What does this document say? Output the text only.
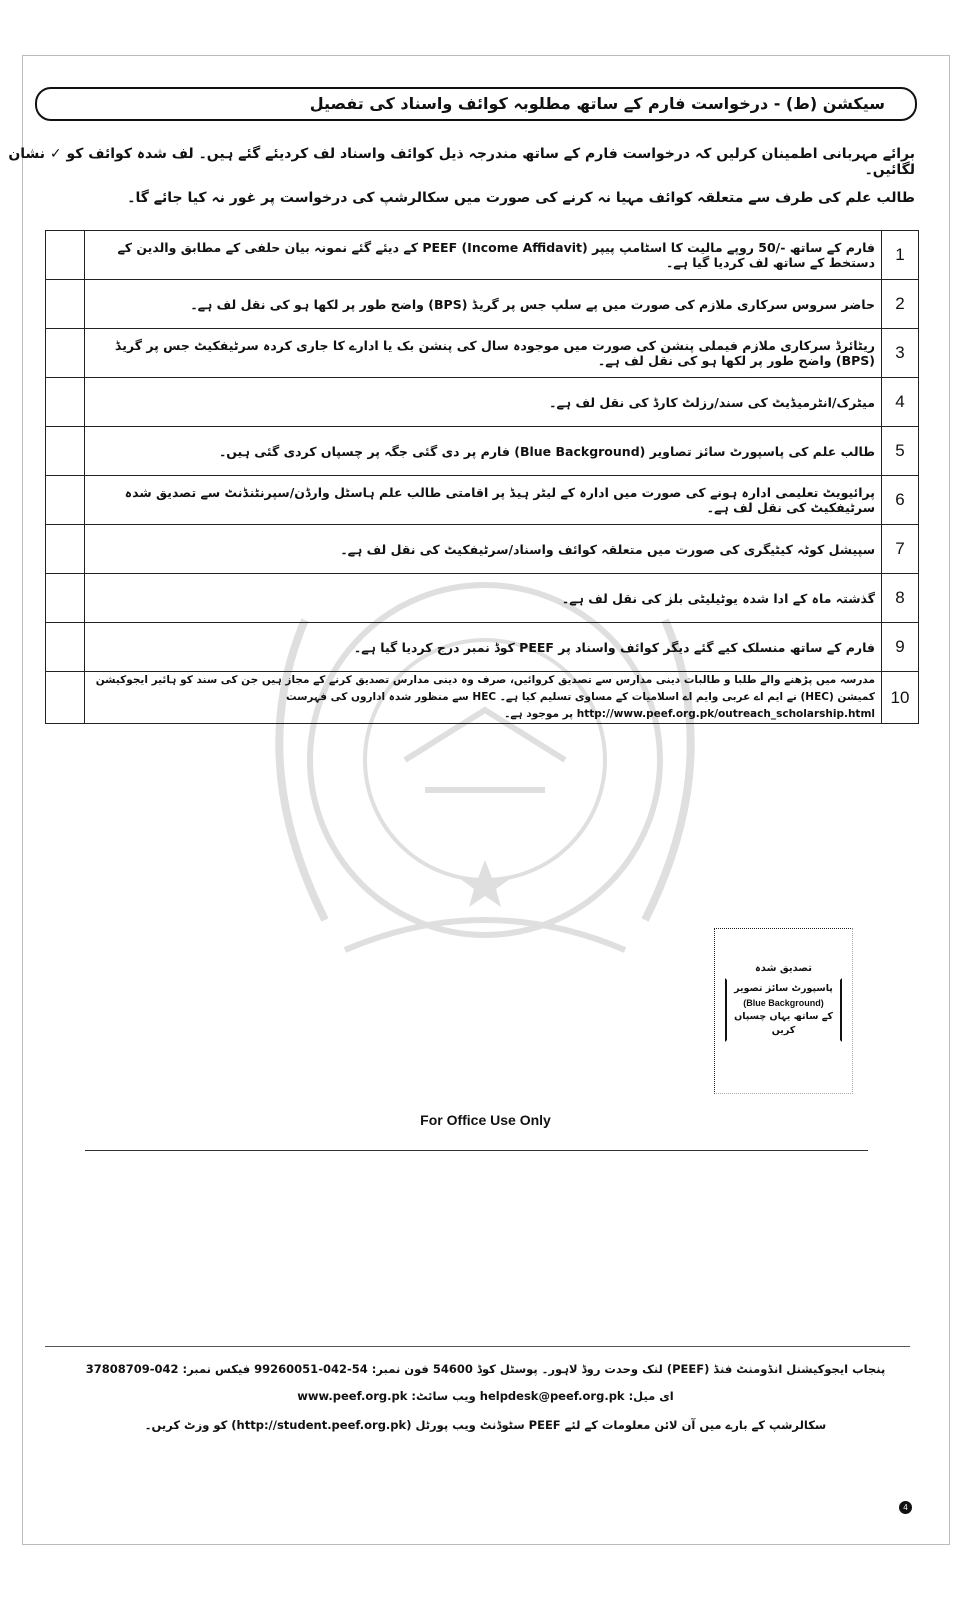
سیکشن (ط) - درخواست فارم کے ساتھ مطلوبہ کوائف واسناد کی تفصیل
برائے مہربانی اطمینان کرلیں کہ درخواست فارم کے ساتھ مندرجہ ذیل کوائف واسناد لف کردیئے گئے ہیں۔ لف شدہ کوائف کو ✓ نشان لگائیں۔
طالب علم کی طرف سے متعلقہ کوائف مہیا نہ کرنے کی صورت میں سکالرشپ کی درخواست پر غور نہ کیا جائے گا۔
1	فارم کے ساتھ -/50 روپے مالیت کا اسٹامپ پیپر PEEF (Income Affidavit) کے دیئے گئے نمونہ بیان حلفی کے مطابق والدین کے دستخط کے ساتھ لف کردیا گیا ہے۔	
2	حاضر سروس سرکاری ملازم کی صورت میں پے سلپ جس پر گریڈ (BPS) واضح طور پر لکھا ہو کی نقل لف ہے۔	
3	ریٹائرڈ سرکاری ملازم فیملی پنشن کی صورت میں موجودہ سال کی پنشن بک یا ادارے کا جاری کردہ سرٹیفکیٹ جس پر گریڈ (BPS) واضح طور پر لکھا ہو کی نقل لف ہے۔	
4	میٹرک/انٹرمیڈیٹ کی سند/رزلٹ کارڈ کی نقل لف ہے۔	
5	طالب علم کی پاسپورٹ سائز تصاویر (Blue Background) فارم پر دی گئی جگہ پر چسپاں کردی گئی ہیں۔	
6	پرائیویٹ تعلیمی ادارہ ہونے کی صورت میں ادارہ کے لیٹر ہیڈ پر اقامتی طالب علم ہاسٹل وارڈن/سپرنٹنڈنٹ سے تصدیق شدہ سرٹیفکیٹ کی نقل لف ہے۔	
7	سپیشل کوٹہ کیٹیگری کی صورت میں متعلقہ کوائف واسناد/سرٹیفکیٹ کی نقل لف ہے۔	
8	گذشتہ ماہ کے ادا شدہ یوٹیلیٹی بلز کی نقل لف ہے۔	
9	فارم کے ساتھ منسلک کیے گئے دیگر کوائف واسناد پر PEEF کوڈ نمبر درج کردیا گیا ہے۔	
10	مدرسہ میں پڑھنے والے طلبا و طالبات دینی مدارس سے تصدیق کروائیں، صرف وہ دینی مدارس تصدیق کرنے کے مجاز ہیں جن کی سند کو ہائیر ایجوکیشن کمیشن (HEC) نے ایم اے عربی وایم اے اسلامیات کے مساوی تسلیم کیا ہے۔ HEC سے منظور شدہ اداروں کی فہرست http://www.peef.org.pk/outreach_scholarship.html پر موجود ہے۔	
تصدیق شدہ
پاسپورٹ سائز تصویر
(Blue Background)
کے ساتھ یہاں چسپاں کریں
For Office Use Only
پنجاب ایجوکیشنل انڈومنٹ فنڈ (PEEF) لنک وحدت روڈ لاہور۔ پوسٹل کوڈ 54600 فون نمبر: 54-042-99260051 فیکس نمبر: 042-37808709
ای میل: helpdesk@peef.org.pk ویب سائٹ: www.peef.org.pk
سکالرشپ کے بارے میں آن لائن معلومات کے لئے PEEF سٹوڈنٹ ویب پورٹل (http://student.peef.org.pk) کو وزٹ کریں۔
4
